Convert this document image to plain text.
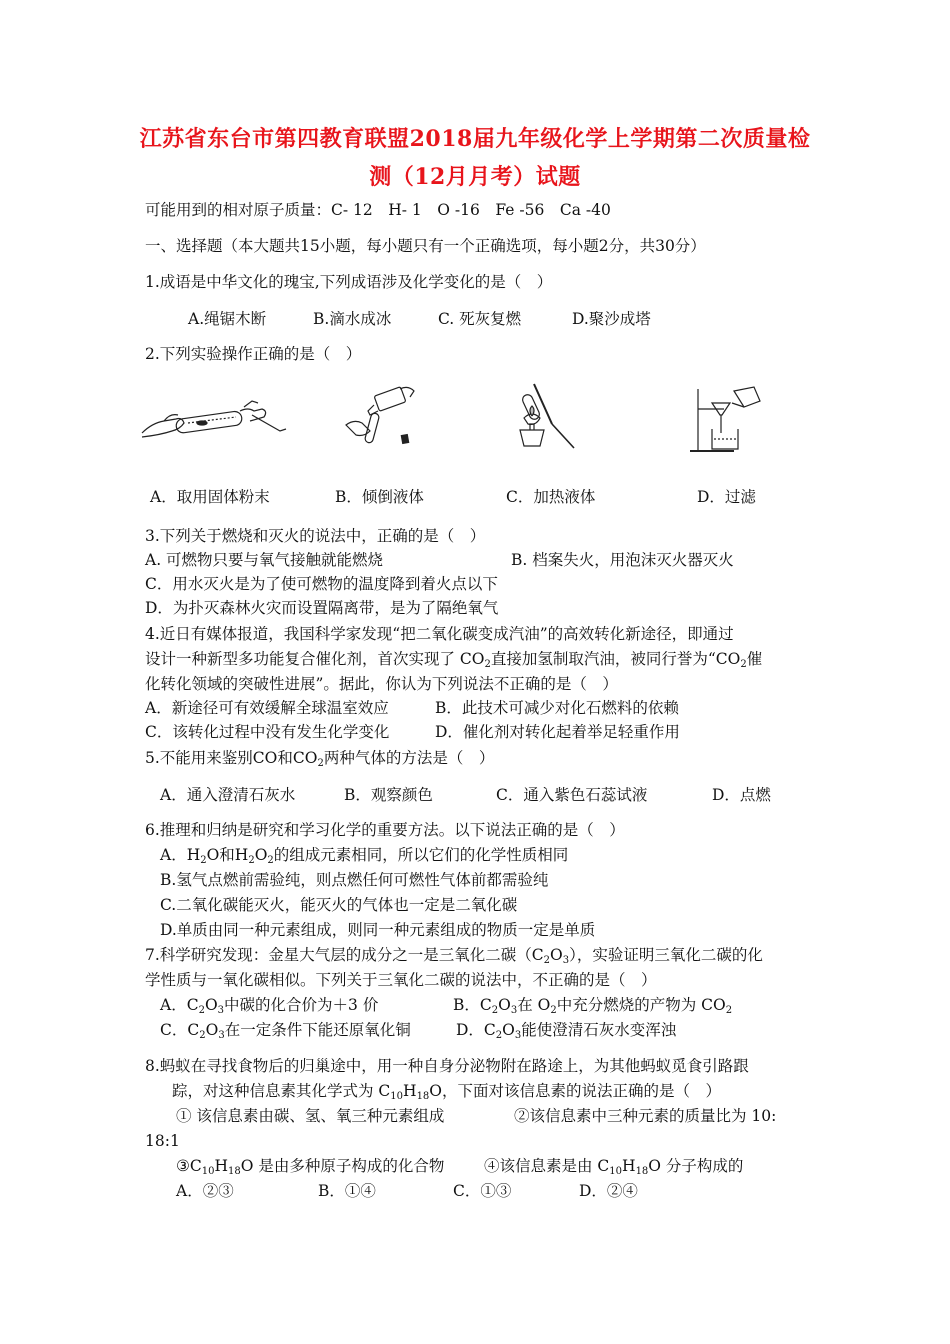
江苏省东台市第四教育联盟2018届九年级化学上学期第二次质量检
测（12月月考）试题
可能用到的相对原子质量：C- 12　H- 1　O -16　Fe -56　Ca -40
一、选择题（本大题共15小题，每小题只有一个正确选项，每小题2分，共30分）
1.成语是中华文化的瑰宝,下列成语涉及化学变化的是（　）
A.绳锯木断	B.滴水成冰	C. 死灰复燃	D.聚沙成塔
2.下列实验操作正确的是（　）
A．取用固体粉末	B．倾倒液体	C．加热液体	D．过滤
3.下列关于燃烧和灭火的说法中，正确的是（　）
A. 可燃物只要与氧气接触就能燃烧	B. 档案失火，用泡沫灭火器灭火
C．用水灭火是为了使可燃物的温度降到着火点以下
D．为扑灭森林火灾而设置隔离带，是为了隔绝氧气
4.近日有媒体报道，我国科学家发现“把二氧化碳变成汽油”的高效转化新途径，即通过
设计一种新型多功能复合催化剂，首次实现了 $CO_2$直接加氢制取汽油，被同行誉为“$CO_2$催
化转化领域的突破性进展”。据此，你认为下列说法不正确的是（　）
A．新途径可有效缓解全球温室效应	B．此技术可减少对化石燃料的依赖
C．该转化过程中没有发生化学变化	D．催化剂对转化起着举足轻重作用
5.不能用来鉴别CO和$CO_2$两种气体的方法是（　）
A．通入澄清石灰水	B．观察颜色	C．通入紫色石蕊试液	D．点燃
6.推理和归纳是研究和学习化学的重要方法。以下说法正确的是（　）
A．$H_2O$和$H_2O_2$的组成元素相同，所以它们的化学性质相同
B.氢气点燃前需验纯，则点燃任何可燃性气体前都需验纯
C.二氧化碳能灭火，能灭火的气体也一定是二氧化碳
D.单质由同一种元素组成，则同一种元素组成的物质一定是单质
7.科学研究发现：金星大气层的成分之一是三氧化二碳$(C_2O_3)$，实验证明三氧化二碳的化
学性质与一氧化碳相似。下列关于三氧化二碳的说法中，不正确的是（　）
A．$C_2O_3$中碳的化合价为＋3 价	B．$C_2O_3$在 $O_2$中充分燃烧的产物为 $CO_2$
C．$C_2O_3$在一定条件下能还原氧化铜	D．$C_2O_3$能使澄清石灰水变浑浊
8.蚂蚁在寻找食物后的归巢途中，用一种自身分泌物附在路途上，为其他蚂蚁觅食引路跟
踪，对这种信息素其化学式为 $C_{10}H_{18}O$，下面对该信息素的说法正确的是（　）
① 该信息素由碳、氢、氧三种元素组成	②该信息素中三种元素的质量比为 10:
18:1
$③C_{10}H_{18}O$ 是由多种原子构成的化合物	④该信息素是由 $C_{10}H_{18}O$ 分子构成的
A．②③	B．①④	C．①③	D．②④
